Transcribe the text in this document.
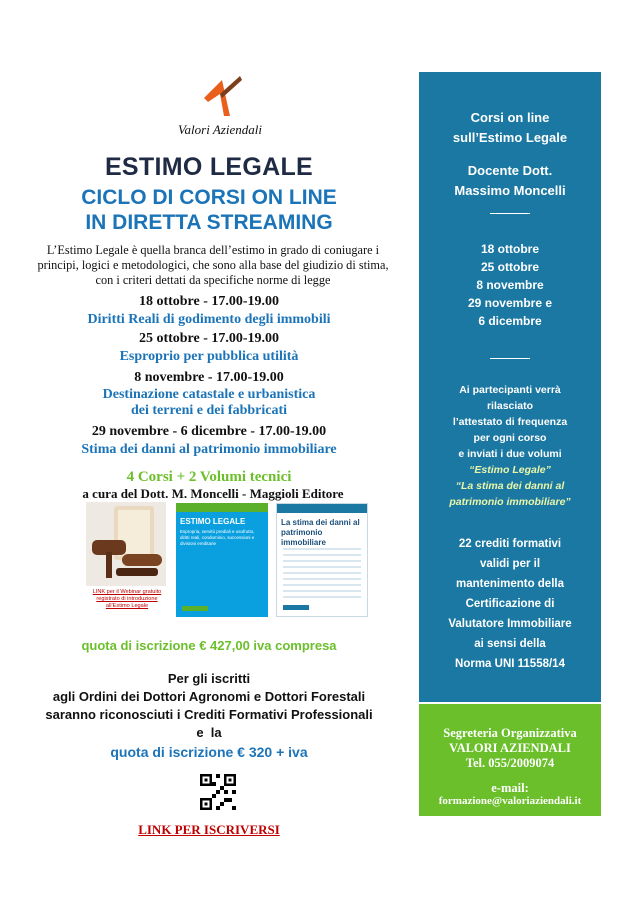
Valori Aziendali
ESTIMO LEGALE
CICLO DI CORSI ON LINE
IN DIRETTA STREAMING
L’Estimo Legale è quella branca dell’estimo in grado di coniugare i
principi, logici e metodologici, che sono alla base del giudizio di stima,
con i criteri dettati da specifiche norme di legge
18 ottobre - 17.00-19.00
Diritti Reali di godimento degli immobili
25 ottobre - 17.00-19.00
Esproprio per pubblica utilità
8 novembre - 17.00-19.00
Destinazione catastale e urbanistica
dei terreni e dei fabbricati
29 novembre - 6 dicembre - 17.00-19.00
Stima dei danni al patrimonio immobiliare
4 Corsi + 2 Volumi tecnici
a cura del Dott. M. Moncelli - Maggioli Editore
ESTIMO LEGALE
Espropria, servitù prediali e usufrutto, diritti reali, condominio, successioni e divisioni ereditarie
La stima dei danni al patrimonio immobiliare
LINK per il Webinar gratuito
registrato di introduzione
all’Estimo Legale
quota di iscrizione € 427,00 iva compresa
Per gli iscritti
agli Ordini dei Dottori Agronomi e Dottori Forestali
saranno riconosciuti i Crediti Formativi Professionali
e  la
quota di iscrizione € 320 + iva
LINK PER ISCRIVERSI
Corsi on line
sull’Estimo Legale
Docente Dott.
Massimo Moncelli
18 ottobre
25 ottobre
8 novembre
29 novembre e
6 dicembre
Ai partecipanti verrà
rilasciato
l’attestato di frequenza
per ogni corso
e inviati i due volumi
“Estimo Legale”
“La stima dei danni al
patrimonio immobiliare”
22 crediti formativi
validi per il
mantenimento della
Certificazione di
Valutatore Immobiliare
ai sensi della
Norma UNI 11558/14
Segreteria Organizzativa
VALORI AZIENDALI
Tel. 055/2009074
e-mail:
formazione@valoriaziendali.it
